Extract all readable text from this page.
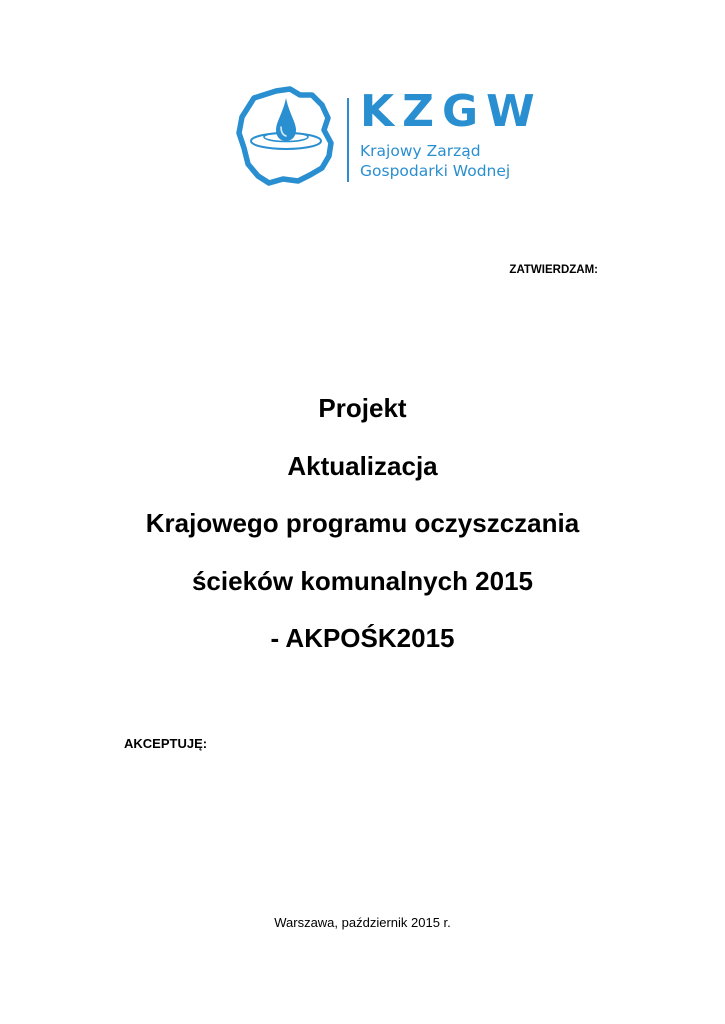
KZGW
Krajowy Zarząd
Gospodarki Wodnej
ZATWIERDZAM:
Projekt
Aktualizacja
Krajowego programu oczyszczania
ścieków komunalnych 2015
- AKPOŚK2015
AKCEPTUJĘ:
Warszawa, październik 2015 r.
